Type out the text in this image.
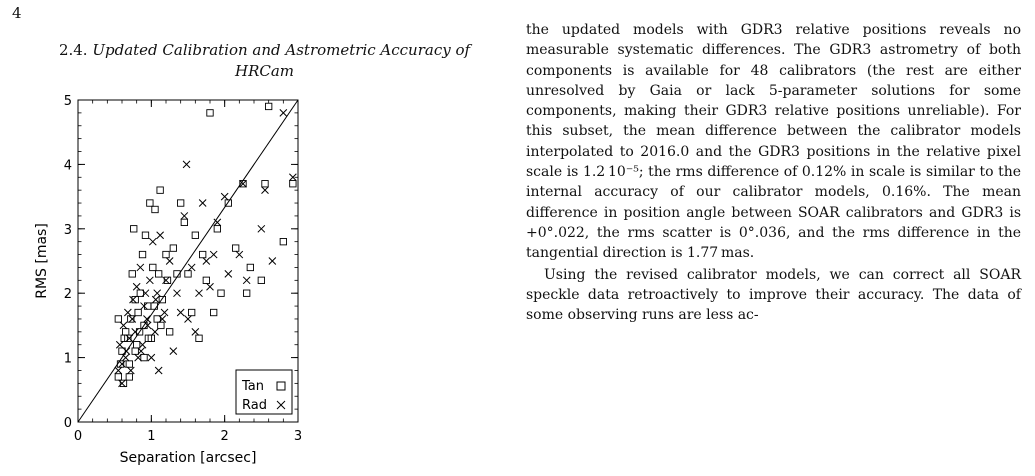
4
2.4. Updated Calibration and Astrometric Accuracy of
HRCam
0	1	2	3
0
1
2
3
4
5
Separation [arcsec]
RMS [mas]
Tan
Rad

the updated models with GDR3 relative positions reveals no measurable systematic differences. The GDR3 astrometry of both components is available for 48 calibrators (the rest are either unresolved by Gaia or lack 5-parameter solutions for some components, making their GDR3 relative positions unreliable). For this subset, the mean difference between the calibrator models interpolated to 2016.0 and the GDR3 positions in the relative pixel scale is 1.2 10⁻⁵; the rms difference of 0.12% in scale is similar to the internal accuracy of our calibrator models, 0.16%. The mean difference in position angle between SOAR calibrators and GDR3 is +0°.022, the rms scatter is 0°.036, and the rms difference in the tangential direction is 1.77 mas.

Using the revised calibrator models, we can correct all SOAR speckle data retroactively to improve their accuracy. The data of some observing runs are less ac-
